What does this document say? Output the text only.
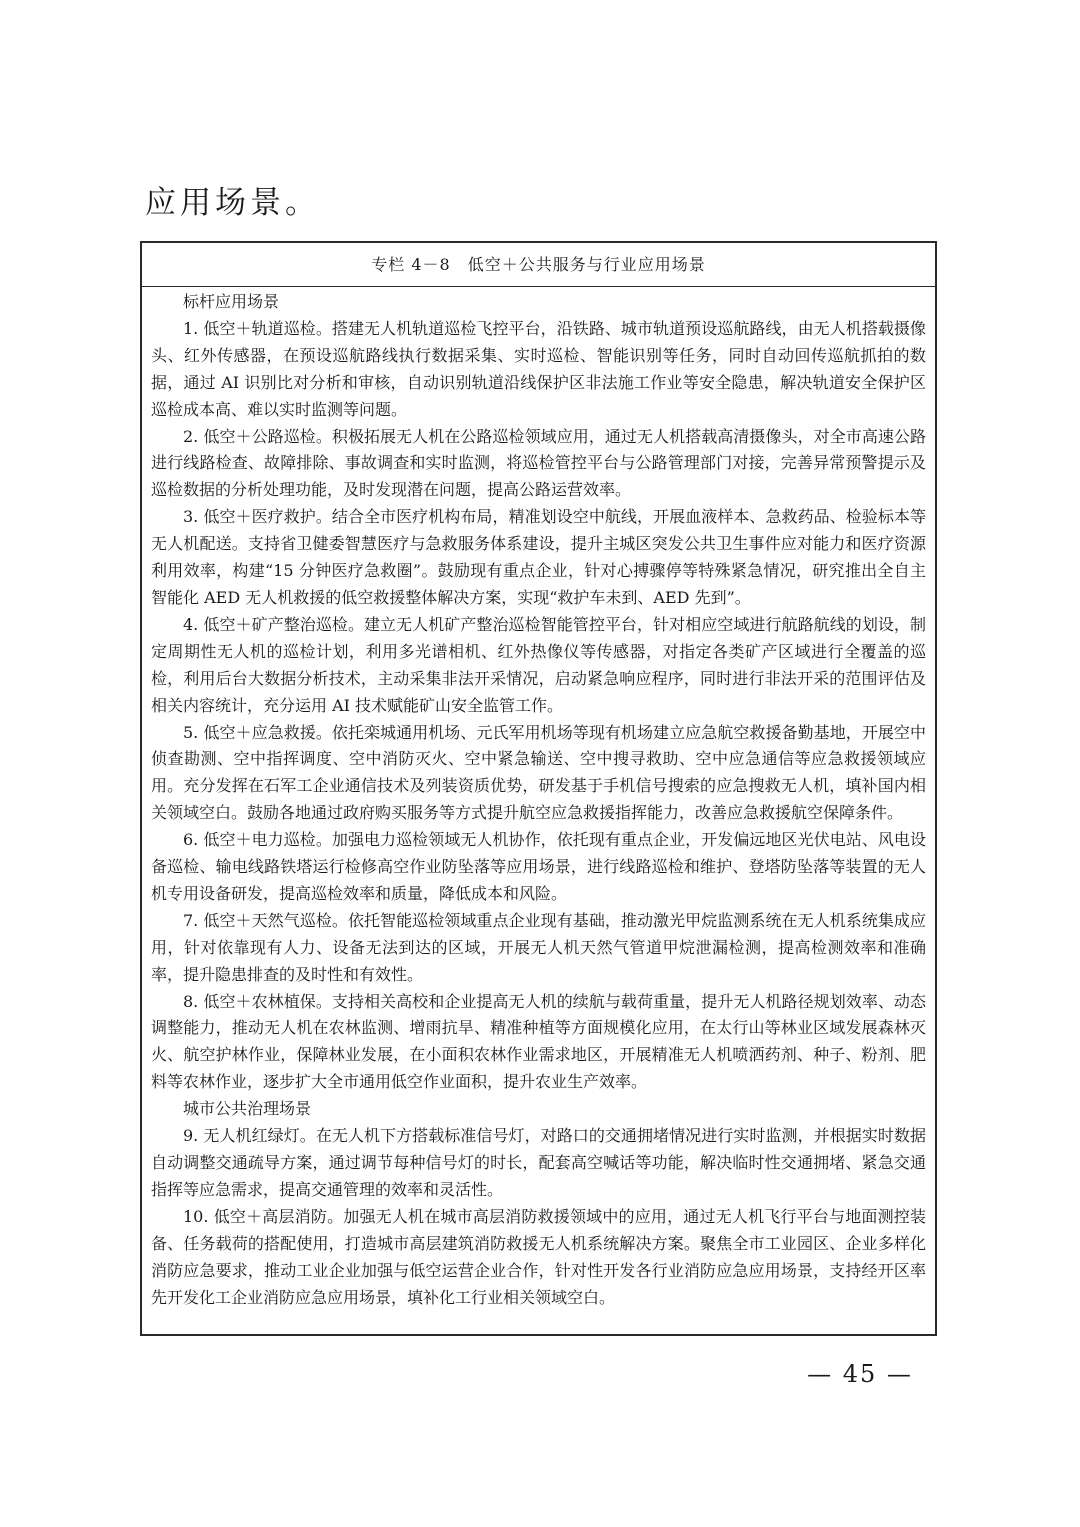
应用场景。
专栏 4－8　低空＋公共服务与行业应用场景

标杆应用场景

1. 低空＋轨道巡检。搭建无人机轨道巡检飞控平台，沿铁路、城市轨道预设巡航路线，由无人机搭载摄像头、红外传感器，在预设巡航路线执行数据采集、实时巡检、智能识别等任务，同时自动回传巡航抓拍的数据，通过 AI 识别比对分析和审核，自动识别轨道沿线保护区非法施工作业等安全隐患，解决轨道安全保护区巡检成本高、难以实时监测等问题。

2. 低空＋公路巡检。积极拓展无人机在公路巡检领域应用，通过无人机搭载高清摄像头，对全市高速公路进行线路检查、故障排除、事故调查和实时监测，将巡检管控平台与公路管理部门对接，完善异常预警提示及巡检数据的分析处理功能，及时发现潜在问题，提高公路运营效率。

3. 低空＋医疗救护。结合全市医疗机构布局，精准划设空中航线，开展血液样本、急救药品、检验标本等无人机配送。支持省卫健委智慧医疗与急救服务体系建设，提升主城区突发公共卫生事件应对能力和医疗资源利用效率，构建“15 分钟医疗急救圈”。鼓励现有重点企业，针对心搏骤停等特殊紧急情况，研究推出全自主智能化 AED 无人机救援的低空救援整体解决方案，实现“救护车未到、AED 先到”。

4. 低空＋矿产整治巡检。建立无人机矿产整治巡检智能管控平台，针对相应空域进行航路航线的划设，制定周期性无人机的巡检计划，利用多光谱相机、红外热像仪等传感器，对指定各类矿产区域进行全覆盖的巡检，利用后台大数据分析技术，主动采集非法开采情况，启动紧急响应程序，同时进行非法开采的范围评估及相关内容统计，充分运用 AI 技术赋能矿山安全监管工作。

5. 低空＋应急救援。依托栾城通用机场、元氏军用机场等现有机场建立应急航空救援备勤基地，开展空中侦查勘测、空中指挥调度、空中消防灭火、空中紧急输送、空中搜寻救助、空中应急通信等应急救援领域应用。充分发挥在石军工企业通信技术及列装资质优势，研发基于手机信号搜索的应急搜救无人机，填补国内相关领域空白。鼓励各地通过政府购买服务等方式提升航空应急救援指挥能力，改善应急救援航空保障条件。

6. 低空＋电力巡检。加强电力巡检领域无人机协作，依托现有重点企业，开发偏远地区光伏电站、风电设备巡检、输电线路铁塔运行检修高空作业防坠落等应用场景，进行线路巡检和维护、登塔防坠落等装置的无人机专用设备研发，提高巡检效率和质量，降低成本和风险。

7. 低空＋天然气巡检。依托智能巡检领域重点企业现有基础，推动激光甲烷监测系统在无人机系统集成应用，针对依靠现有人力、设备无法到达的区域，开展无人机天然气管道甲烷泄漏检测，提高检测效率和准确率，提升隐患排查的及时性和有效性。

8. 低空＋农林植保。支持相关高校和企业提高无人机的续航与载荷重量，提升无人机路径规划效率、动态调整能力，推动无人机在农林监测、增雨抗旱、精准种植等方面规模化应用，在太行山等林业区域发展森林灭火、航空护林作业，保障林业发展，在小面积农林作业需求地区，开展精准无人机喷洒药剂、种子、粉剂、肥料等农林作业，逐步扩大全市通用低空作业面积，提升农业生产效率。

城市公共治理场景

9. 无人机红绿灯。在无人机下方搭载标准信号灯，对路口的交通拥堵情况进行实时监测，并根据实时数据自动调整交通疏导方案，通过调节每种信号灯的时长，配套高空喊话等功能，解决临时性交通拥堵、紧急交通指挥等应急需求，提高交通管理的效率和灵活性。

10. 低空＋高层消防。加强无人机在城市高层消防救援领域中的应用，通过无人机飞行平台与地面测控装备、任务载荷的搭配使用，打造城市高层建筑消防救援无人机系统解决方案。聚焦全市工业园区、企业多样化消防应急要求，推动工业企业加强与低空运营企业合作，针对性开发各行业消防应急应用场景，支持经开区率先开发化工企业消防应急应用场景，填补化工行业相关领域空白。

— 45 —
